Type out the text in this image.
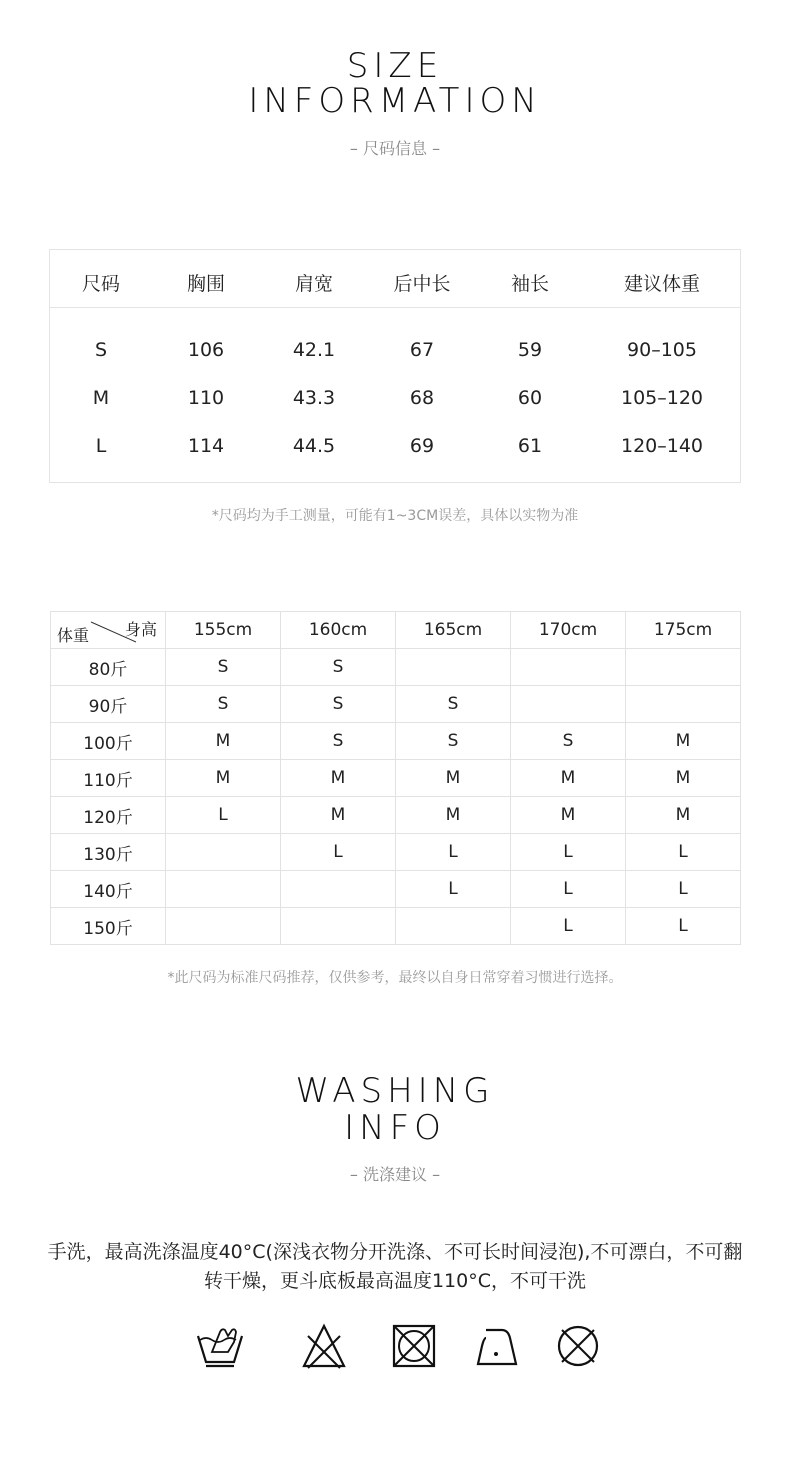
SIZE
INFORMATION
– 尺码信息 –
尺码	胸围	肩宽	后中长	袖长	建议体重
S	106	42.1	67	59	90–105
M	110	43.3	68	60	105–120
L	114	44.5	69	61	120–140
*尺码均为手工测量，可能有1~3CM误差，具体以实物为准
身高
体重	155cm	160cm	165cm	170cm	175cm
80斤	S	S			
90斤	S	S	S		
100斤	M	S	S	S	M
110斤	M	M	M	M	M
120斤	L	M	M	M	M
130斤		L	L	L	L
140斤			L	L	L
150斤				L	L
*此尺码为标准尺码推荐，仅供参考，最终以自身日常穿着习惯进行选择。
WASHING
INFO
– 洗涤建议 –
手洗，最高洗涤温度40°C(深浅衣物分开洗涤、不可长时间浸泡),不可漂白，不可翻转干燥，更斗底板最高温度110°C，不可干洗
